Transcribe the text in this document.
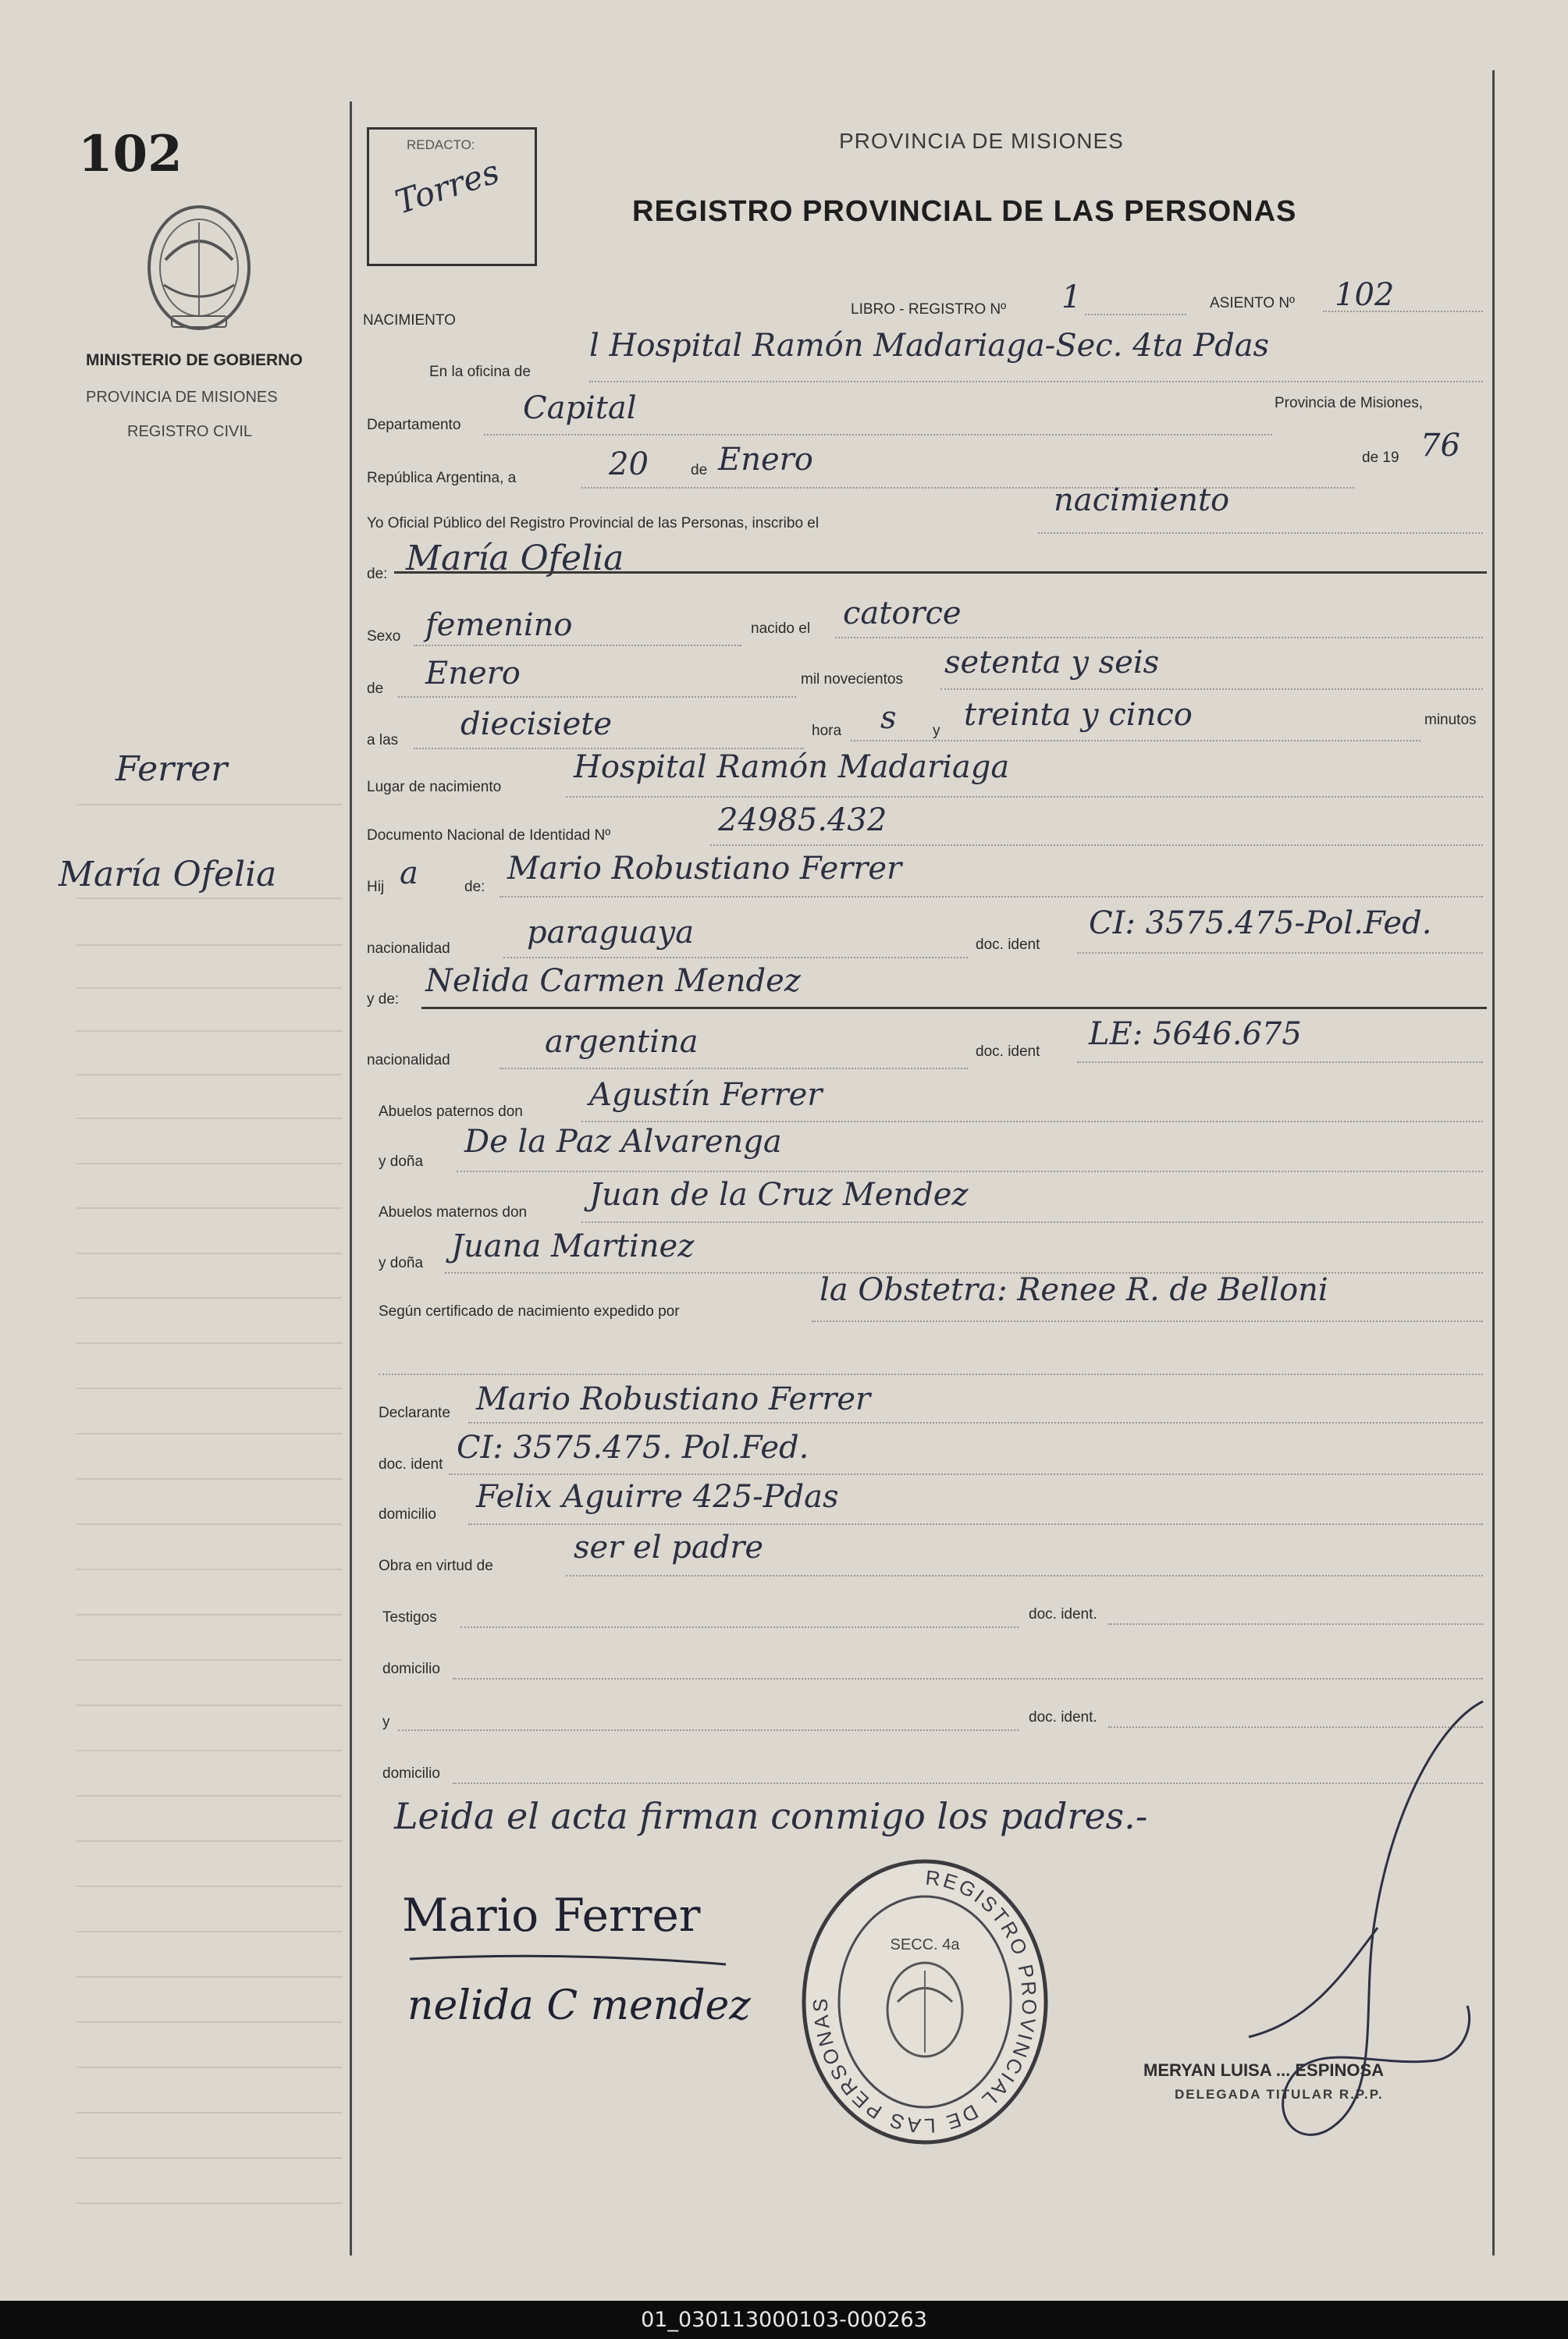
102
MINISTERIO DE GOBIERNO
PROVINCIA DE MISIONES
REGISTRO CIVIL
Ferrer
María Ofelia
REDACTO:
Torres
PROVINCIA DE MISIONES
REGISTRO PROVINCIAL DE LAS PERSONAS
NACIMIENTO
LIBRO - REGISTRO Nº 1	ASIENTO Nº 102
En la oficina de
l Hospital Ramón Madariaga-Sec. 4ta Pdas
Departamento Capital	Provincia de Misiones,
República Argentina, a	20	de Enero	de 19 76
Yo Oficial Público del Registro Provincial de las Personas, inscribo el
nacimiento
de: María Ofelia
Sexo femenino	nacido el catorce
de Enero	mil novecientos setenta y seis
a las diecisiete	hora s y treinta y cinco	minutos
Lugar de nacimiento
Hospital Ramón Madariaga
Documento Nacional de Identidad Nº	24985.432
Hij a	de:
Mario Robustiano Ferrer
nacionalidad paraguaya	doc. ident
CI: 3575.475-Pol.Fed.
y de:
Nelida Carmen Mendez
nacionalidad
argentina	doc. ident LE: 5646.675
Abuelos paternos don Agustín Ferrer
y doña
De la Paz Alvarenga
Abuelos maternos don Juan de la Cruz Mendez
y doña Juana Martinez
Según certificado de nacimiento expedido por
la Obstetra: Renee R. de Belloni
Declarante Mario Robustiano Ferrer
doc. ident CI: 3575.475. Pol.Fed.
domicilio Felix Aguirre 425-Pdas
Obra en virtud de
ser el padre
Testigos	doc. ident.
domicilio
y	doc. ident.
domicilio
Leida el acta firman conmigo los padres.-
Mario Ferrer
nelida C mendez
REGISTRO PROVINCIAL DE LAS PERSONAS
SECC. 4a
MERYAN LUISA ... ESPINOSA
DELEGADA TITULAR R.P.P.
01_030113000103-000263
